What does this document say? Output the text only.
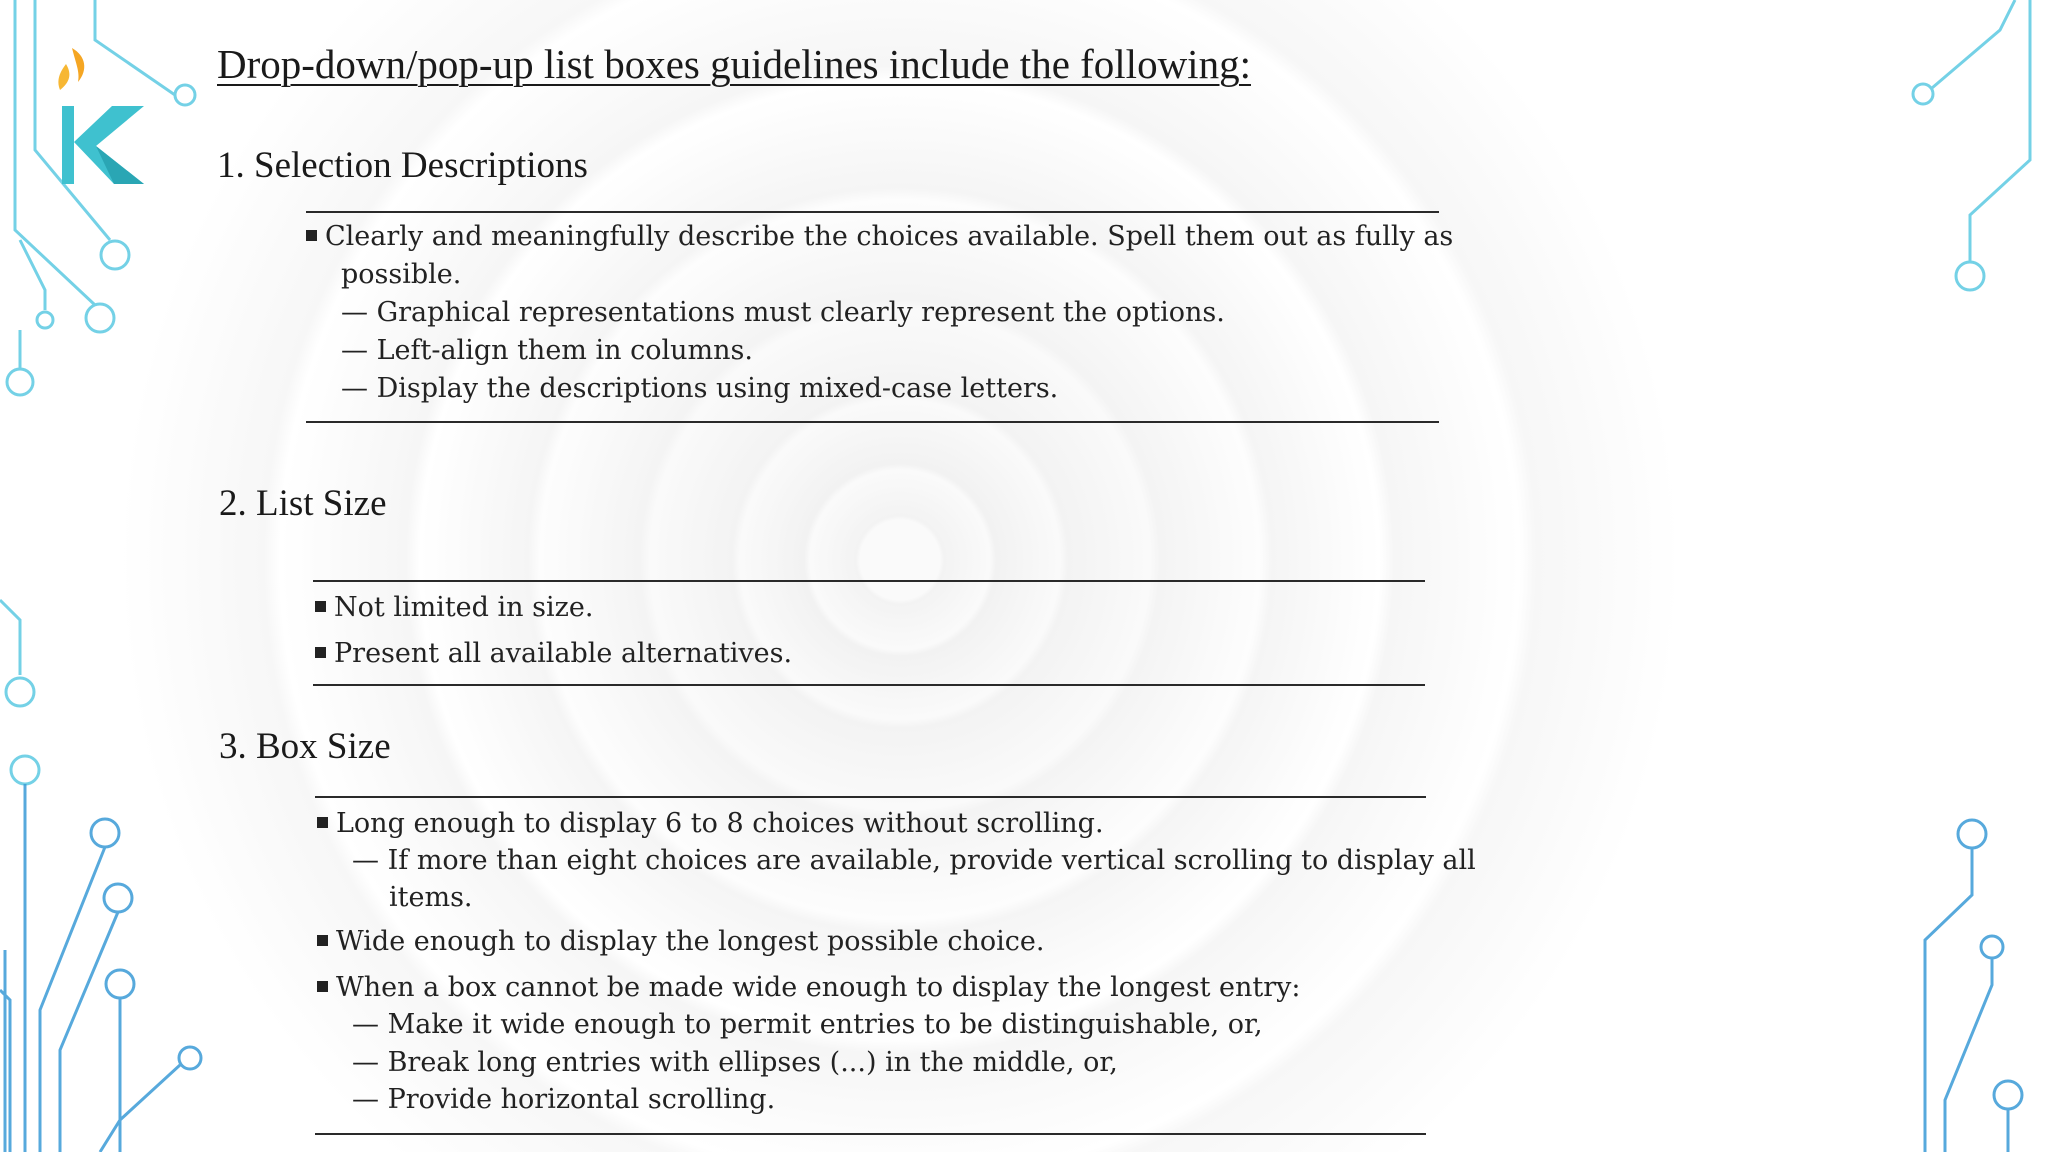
Drop-down/pop-up list boxes guidelines include the following:
1. Selection Descriptions
Clearly and meaningfully describe the choices available. Spell them out as fully as
possible.
— Graphical representations must clearly represent the options.
— Left-align them in columns.
— Display the descriptions using mixed-case letters.
2. List Size
Not limited in size.
Present all available alternatives.
3. Box Size
Long enough to display 6 to 8 choices without scrolling.
— If more than eight choices are available, provide vertical scrolling to display all
items.
Wide enough to display the longest possible choice.
When a box cannot be made wide enough to display the longest entry:
— Make it wide enough to permit entries to be distinguishable, or,
— Break long entries with ellipses (...) in the middle, or,
— Provide horizontal scrolling.
